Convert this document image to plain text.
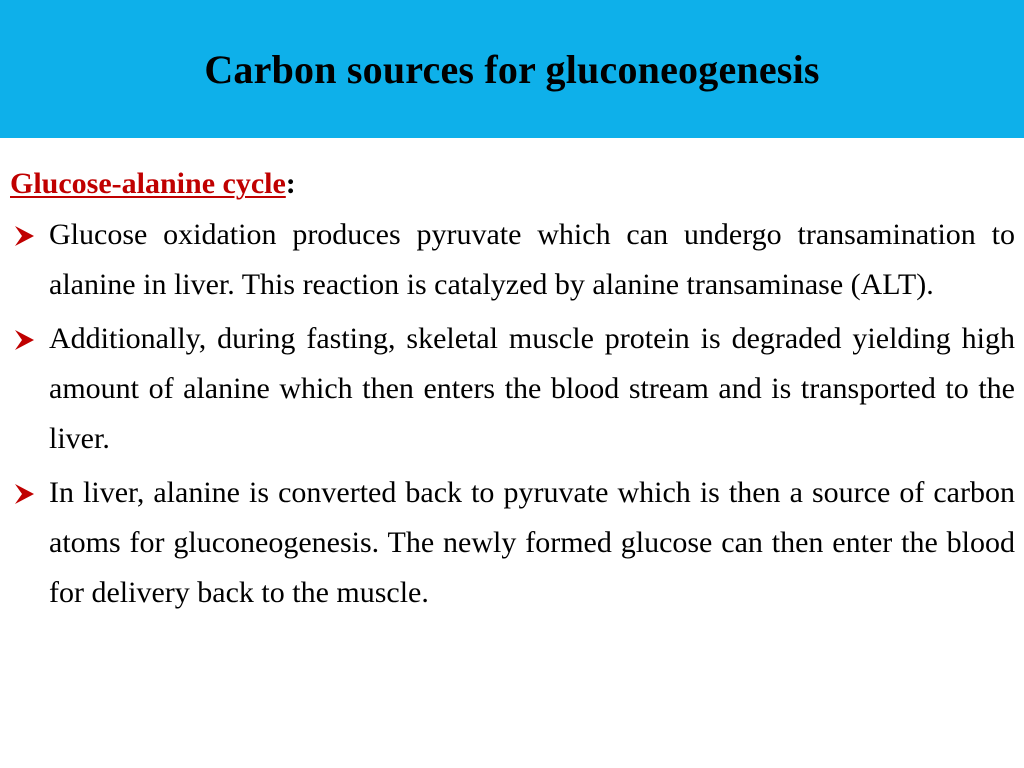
Carbon sources for gluconeogenesis

Glucose-alanine cycle:

Glucose oxidation produces pyruvate which can undergo transamination to alanine in liver. This reaction is catalyzed by alanine transaminase (ALT).
Additionally, during fasting, skeletal muscle protein is degraded yielding high amount of alanine which then enters the blood stream and is transported to the liver.
In liver, alanine is converted back to pyruvate which is then a source of carbon atoms for gluconeogenesis. The newly formed glucose can then enter the blood for delivery back to the muscle.
